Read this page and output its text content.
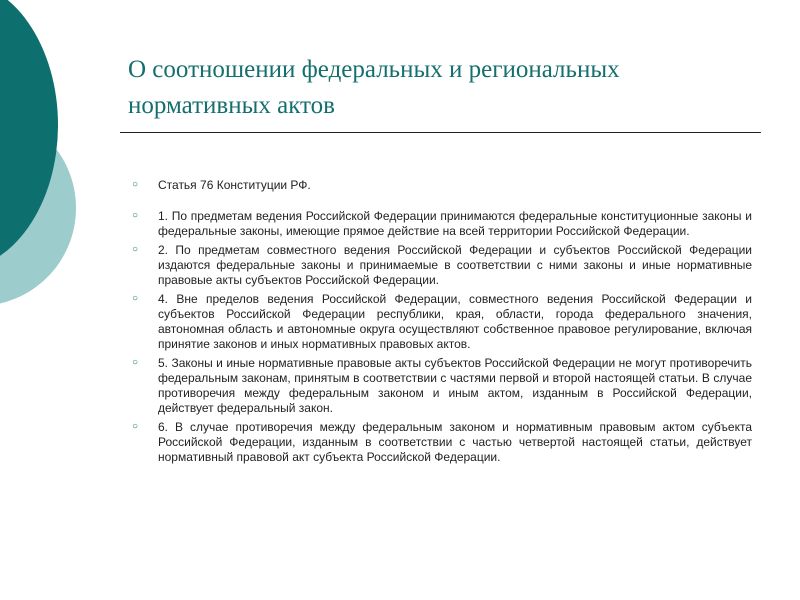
О соотношении федеральных и региональных нормативных актов
○ Статья 76 Конституции РФ.
○ 1. По предметам ведения Российской Федерации принимаются федеральные конституционные законы и федеральные законы, имеющие прямое действие на всей территории Российской Федерации.
○ 2. По предметам совместного ведения Российской Федерации и субъектов Российской Федерации издаются федеральные законы и принимаемые в соответствии с ними законы и иные нормативные правовые акты субъектов Российской Федерации.
○ 4. Вне пределов ведения Российской Федерации, совместного ведения Российской Федерации и субъектов Российской Федерации республики, края, области, города федерального значения, автономная область и автономные округа осуществляют собственное правовое регулирование, включая принятие законов и иных нормативных правовых актов.
○ 5. Законы и иные нормативные правовые акты субъектов Российской Федерации не могут противоречить федеральным законам, принятым в соответствии с частями первой и второй настоящей статьи. В случае противоречия между федеральным законом и иным актом, изданным в Российской Федерации, действует федеральный закон.
○ 6. В случае противоречия между федеральным законом и нормативным правовым актом субъекта Российской Федерации, изданным в соответствии с частью четвертой настоящей статьи, действует нормативный правовой акт субъекта Российской Федерации.
